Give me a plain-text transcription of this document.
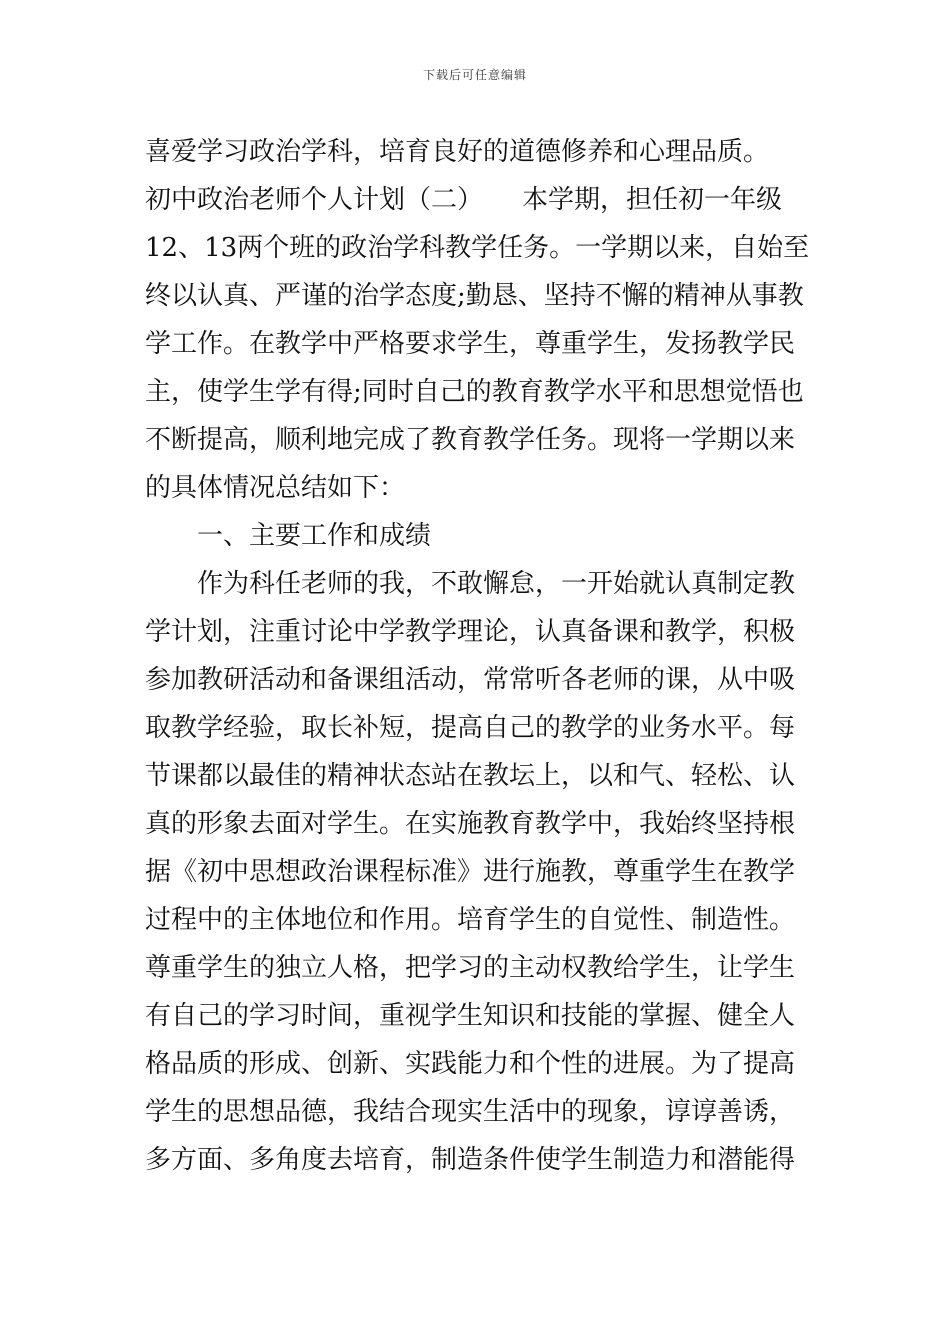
下载后可任意编辑
喜爱学习政治学科，培育良好的道德修养和心理品质。
初中政治老师个人计划（二）　　本学期，担任初一年级
12、13两个班的政治学科教学任务。一学期以来，自始至
终以认真、严谨的治学态度;勤恳、坚持不懈的精神从事教
学工作。在教学中严格要求学生，尊重学生，发扬教学民
主，使学生学有得;同时自己的教育教学水平和思想觉悟也
不断提高，顺利地完成了教育教学任务。现将一学期以来
的具体情况总结如下：
一、主要工作和成绩
作为科任老师的我，不敢懈怠，一开始就认真制定教
学计划，注重讨论中学教学理论，认真备课和教学，积极
参加教研活动和备课组活动，常常听各老师的课，从中吸
取教学经验，取长补短，提高自己的教学的业务水平。每
节课都以最佳的精神状态站在教坛上，以和气、轻松、认
真的形象去面对学生。在实施教育教学中，我始终坚持根
据《初中思想政治课程标准》进行施教，尊重学生在教学
过程中的主体地位和作用。培育学生的自觉性、制造性。
尊重学生的独立人格，把学习的主动权教给学生，让学生
有自己的学习时间，重视学生知识和技能的掌握、健全人
格品质的形成、创新、实践能力和个性的进展。为了提高
学生的思想品德，我结合现实生活中的现象，谆谆善诱，
多方面、多角度去培育，制造条件使学生制造力和潜能得
